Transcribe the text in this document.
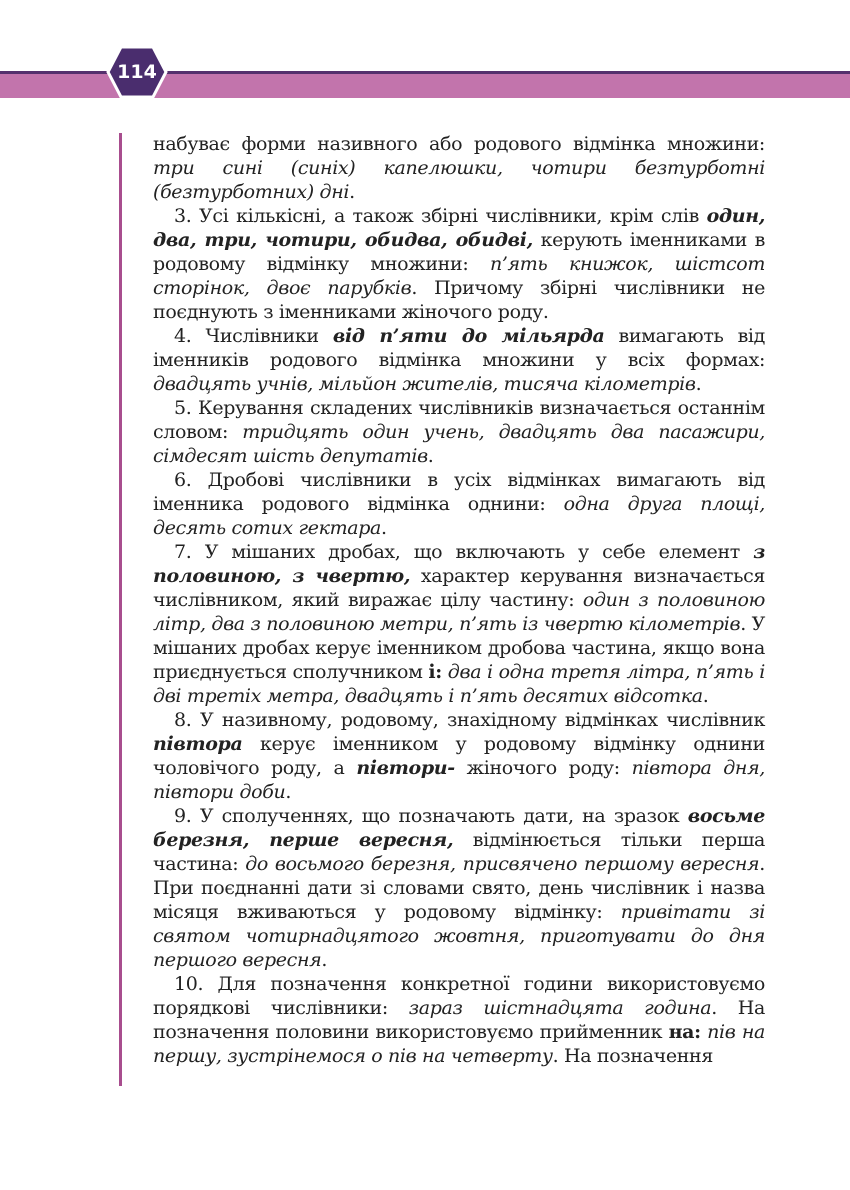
114

набуває форми називного або родового відмінка множини: три сині (синіх) капелюшки, чотири безтурботні (безтурботних) дні.

3. Усі кількісні, а також збірні числівники, крім слів один, два, три, чотири, обидва, обидві, керують іменниками в родовому відмінку множини: п’ять книжок, шістсот сторінок, двоє парубків. Причому збірні числівники не поєднують з іменниками жіночого роду.

4. Числівники від п’яти до мільярда вимагають від іменників родового відмінка множини у всіх формах: двадцять учнів, мільйон жителів, тисяча кілометрів.

5. Керування складених числівників визначається останнім словом: тридцять один учень, двадцять два пасажири, сімдесят шість депутатів.

6. Дробові числівники в усіх відмінках вимагають від іменника родового відмінка однини: одна друга площі, десять сотих гектара.

7. У мішаних дробах, що включають у себе елемент з половиною, з чвертю, характер керування визначається числівником, який виражає цілу частину: один з половиною літр, два з половиною метри, п’ять із чвертю кілометрів. У мішаних дробах керує іменником дробова частина, якщо вона приєднується сполучником і: два і одна третя літра, п’ять і дві третіх метра, двадцять і п’ять десятих відсотка.

8. У називному, родовому, знахідному відмінках числівник півтора керує іменником у родовому відмінку однини чоловічого роду, а півтори- жіночого роду: півтора дня, півтори доби.

9. У сполученнях, що позначають дати, на зразок восьме березня, перше вересня, відмінюється тільки перша частина: до восьмого березня, присвячено першому вересня. При поєднанні дати зі словами свято, день числівник і назва місяця вживаються у родовому відмінку: привітати зі святом чотирнадцятого жовтня, приготувати до дня першого вересня.

10. Для позначення конкретної години використовуємо порядкові числівники: зараз шістнадцята година. На позначення половини використовуємо прийменник на: пів на першу, зустрінемося о пів на четверту. На позначення
